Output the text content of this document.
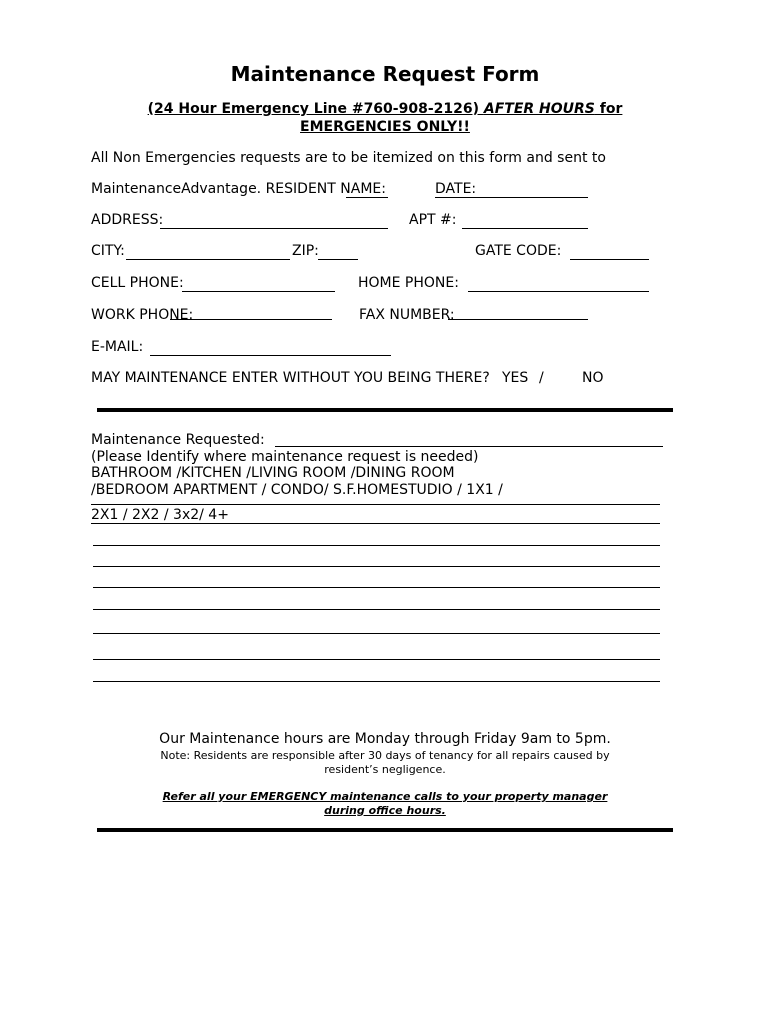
Maintenance Request Form
(24 Hour Emergency Line #760-908-2126) AFTER HOURS for
EMERGENCIES ONLY!!
All Non Emergencies requests are to be itemized on this form and sent to
MaintenanceAdvantage. RESIDENT NAME:	DATE:
ADDRESS:	APT #:
CITY:	ZIP:	GATE CODE:
CELL PHONE:	HOME PHONE:
WORK PHONE:	FAX NUMBER:
E-MAIL:
MAY MAINTENANCE ENTER WITHOUT YOU BEING THERE? YES /	NO
Maintenance Requested:
(Please Identify where maintenance request is needed)
BATHROOM /KITCHEN /LIVING ROOM /DINING ROOM
/BEDROOM APARTMENT / CONDO/ S.F.HOMESTUDIO / 1X1 /
2X1 / 2X2 / 3x2/ 4+
Our Maintenance hours are Monday through Friday 9am to 5pm.
Note: Residents are responsible after 30 days of tenancy for all repairs caused by
resident’s negligence.
Refer all your EMERGENCY maintenance calls to your property manager
during office hours.
